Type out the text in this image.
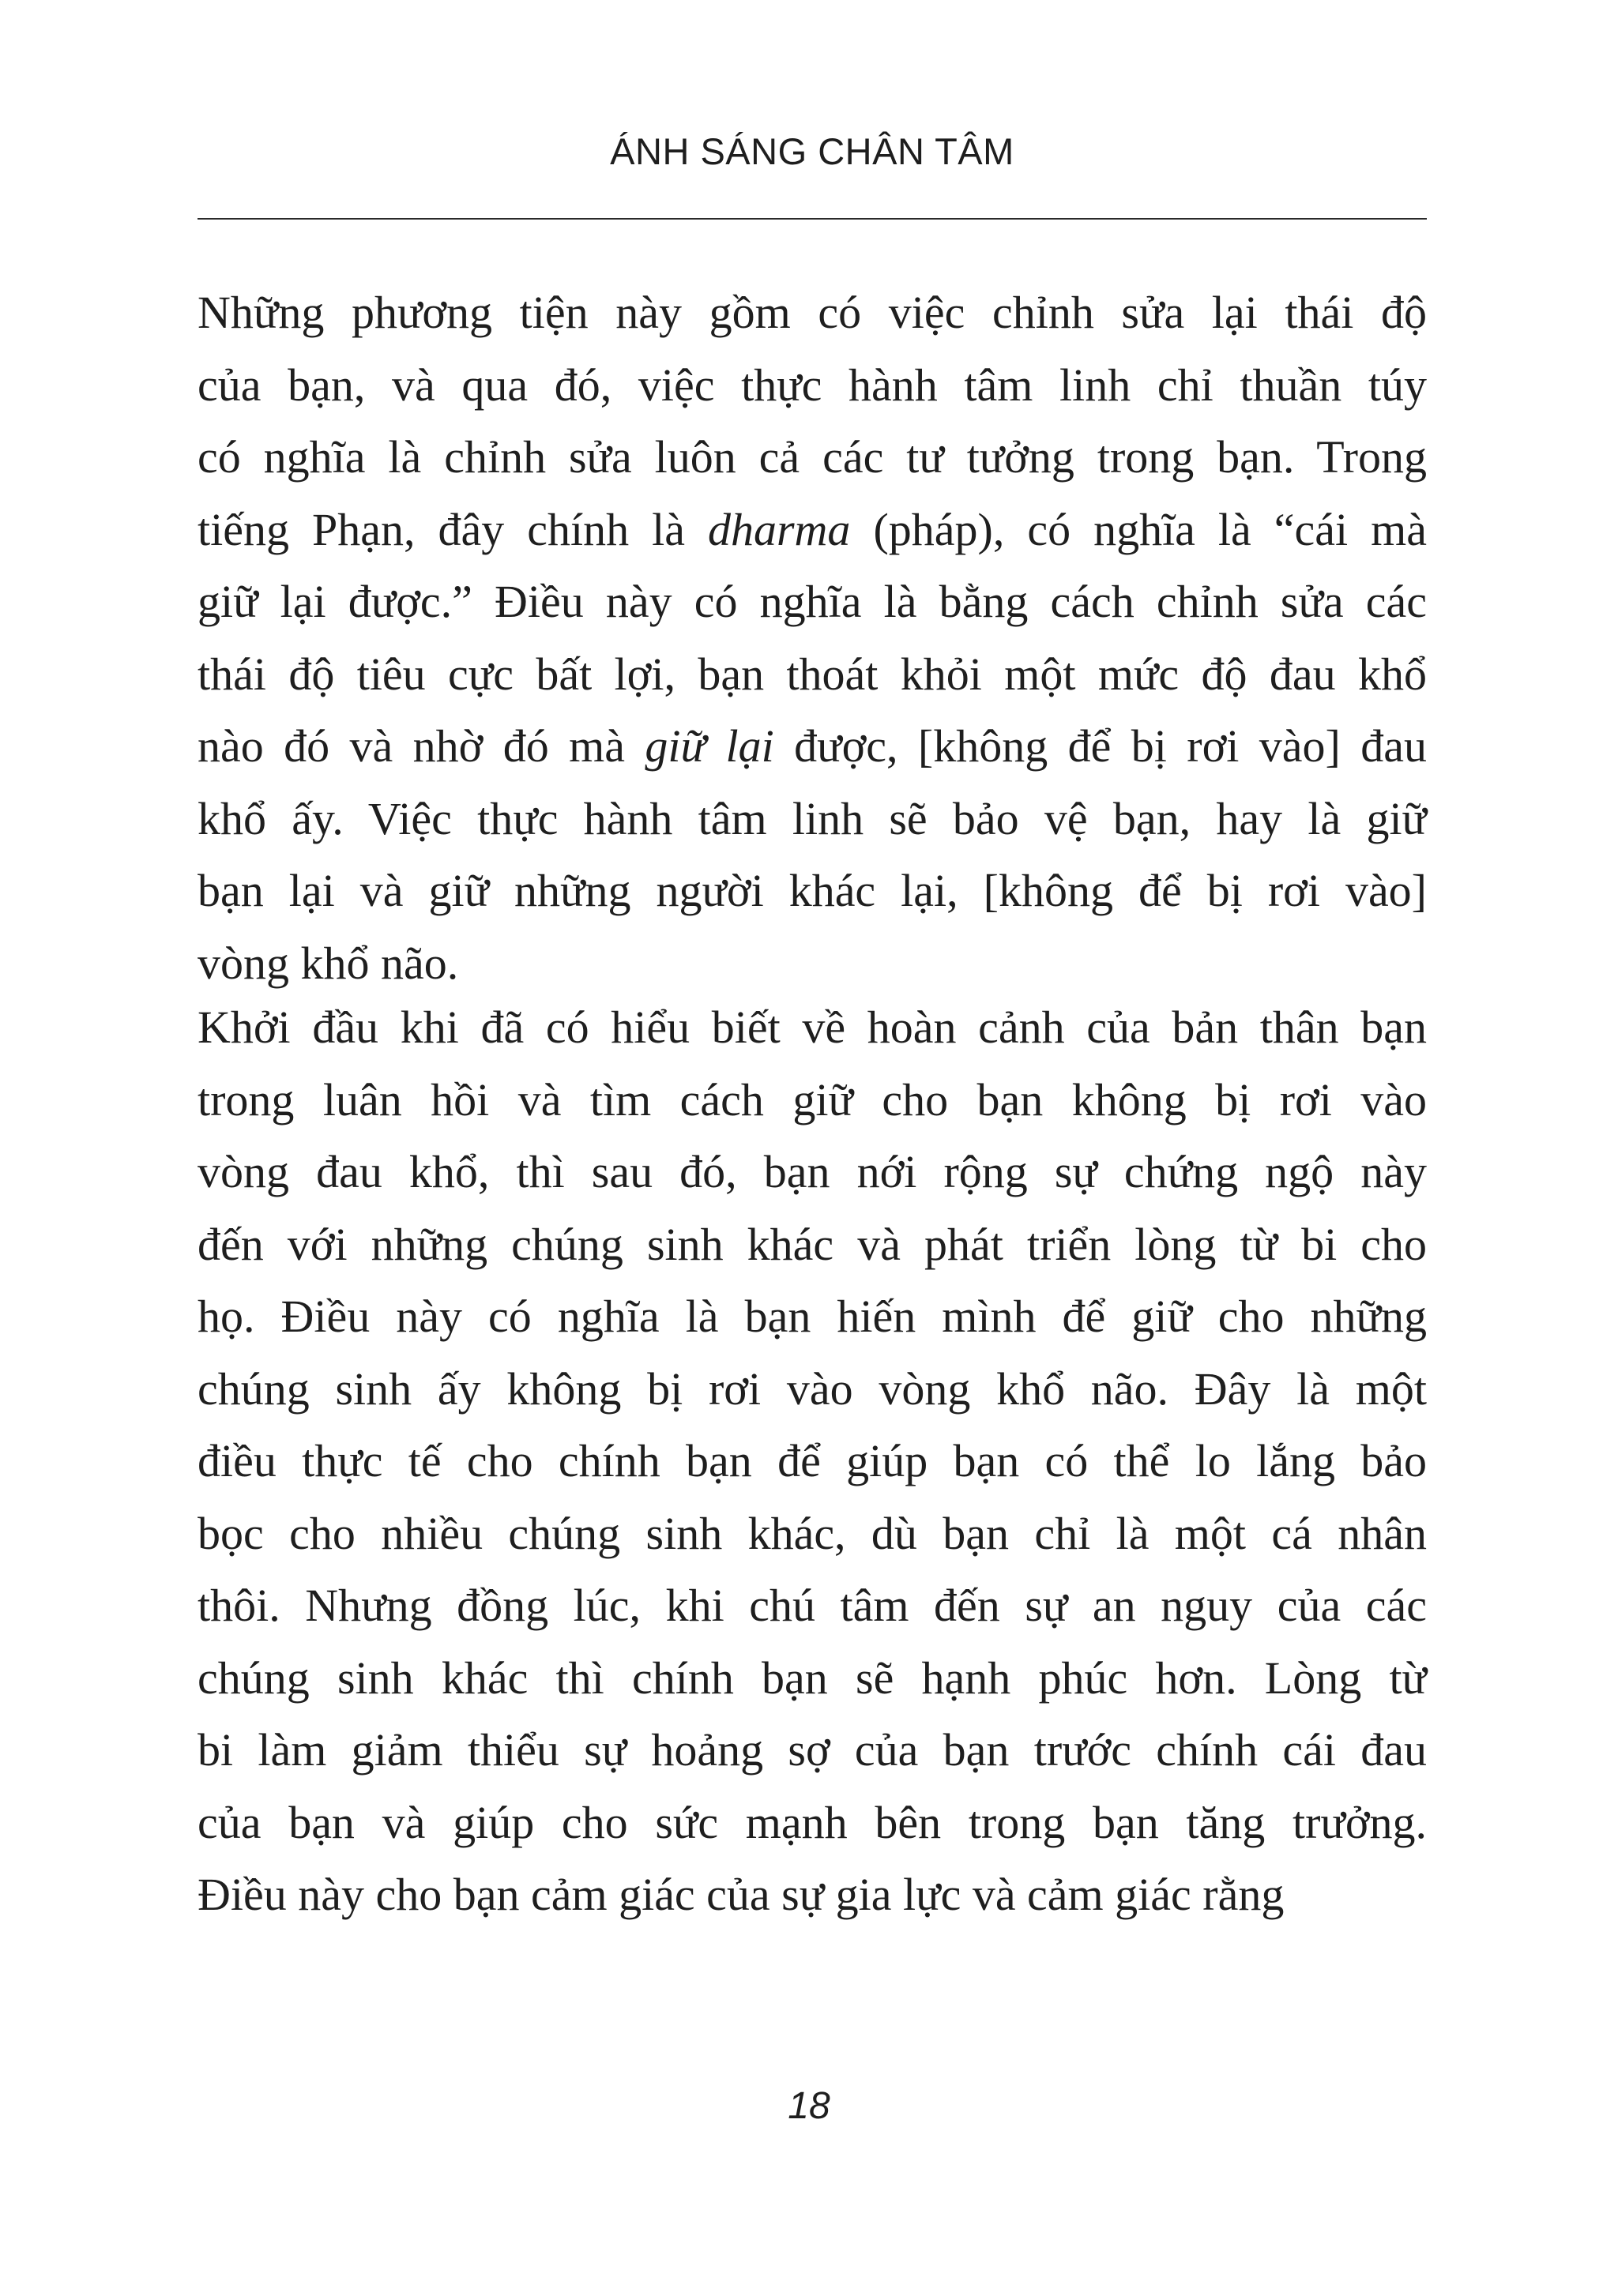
ÁNH SÁNG CHÂN TÂM
Những phương tiện này gồm có việc chỉnh sửa lại thái độ
của bạn, và qua đó, việc thực hành tâm linh chỉ thuần túy
có nghĩa là chỉnh sửa luôn cả các tư tưởng trong bạn. Trong
tiếng Phạn, đây chính là dharma (pháp), có nghĩa là “cái mà
giữ lại được.” Điều này có nghĩa là bằng cách chỉnh sửa các
thái độ tiêu cực bất lợi, bạn thoát khỏi một mức độ đau khổ
nào đó và nhờ đó mà giữ lại được, [không để bị rơi vào] đau
khổ ấy. Việc thực hành tâm linh sẽ bảo vệ bạn, hay là giữ
bạn lại và giữ những người khác lại, [không để bị rơi vào]
vòng khổ não.
Khởi đầu khi đã có hiểu biết về hoàn cảnh của bản thân bạn
trong luân hồi và tìm cách giữ cho bạn không bị rơi vào
vòng đau khổ, thì sau đó, bạn nới rộng sự chứng ngộ này
đến với những chúng sinh khác và phát triển lòng từ bi cho
họ. Điều này có nghĩa là bạn hiến mình để giữ cho những
chúng sinh ấy không bị rơi vào vòng khổ não. Đây là một
điều thực tế cho chính bạn để giúp bạn có thể lo lắng bảo
bọc cho nhiều chúng sinh khác, dù bạn chỉ là một cá nhân
thôi. Nhưng đồng lúc, khi chú tâm đến sự an nguy của các
chúng sinh khác thì chính bạn sẽ hạnh phúc hơn. Lòng từ
bi làm giảm thiểu sự hoảng sợ của bạn trước chính cái đau
của bạn và giúp cho sức mạnh bên trong bạn tăng trưởng.
Điều này cho bạn cảm giác của sự gia lực và cảm giác rằng
18
